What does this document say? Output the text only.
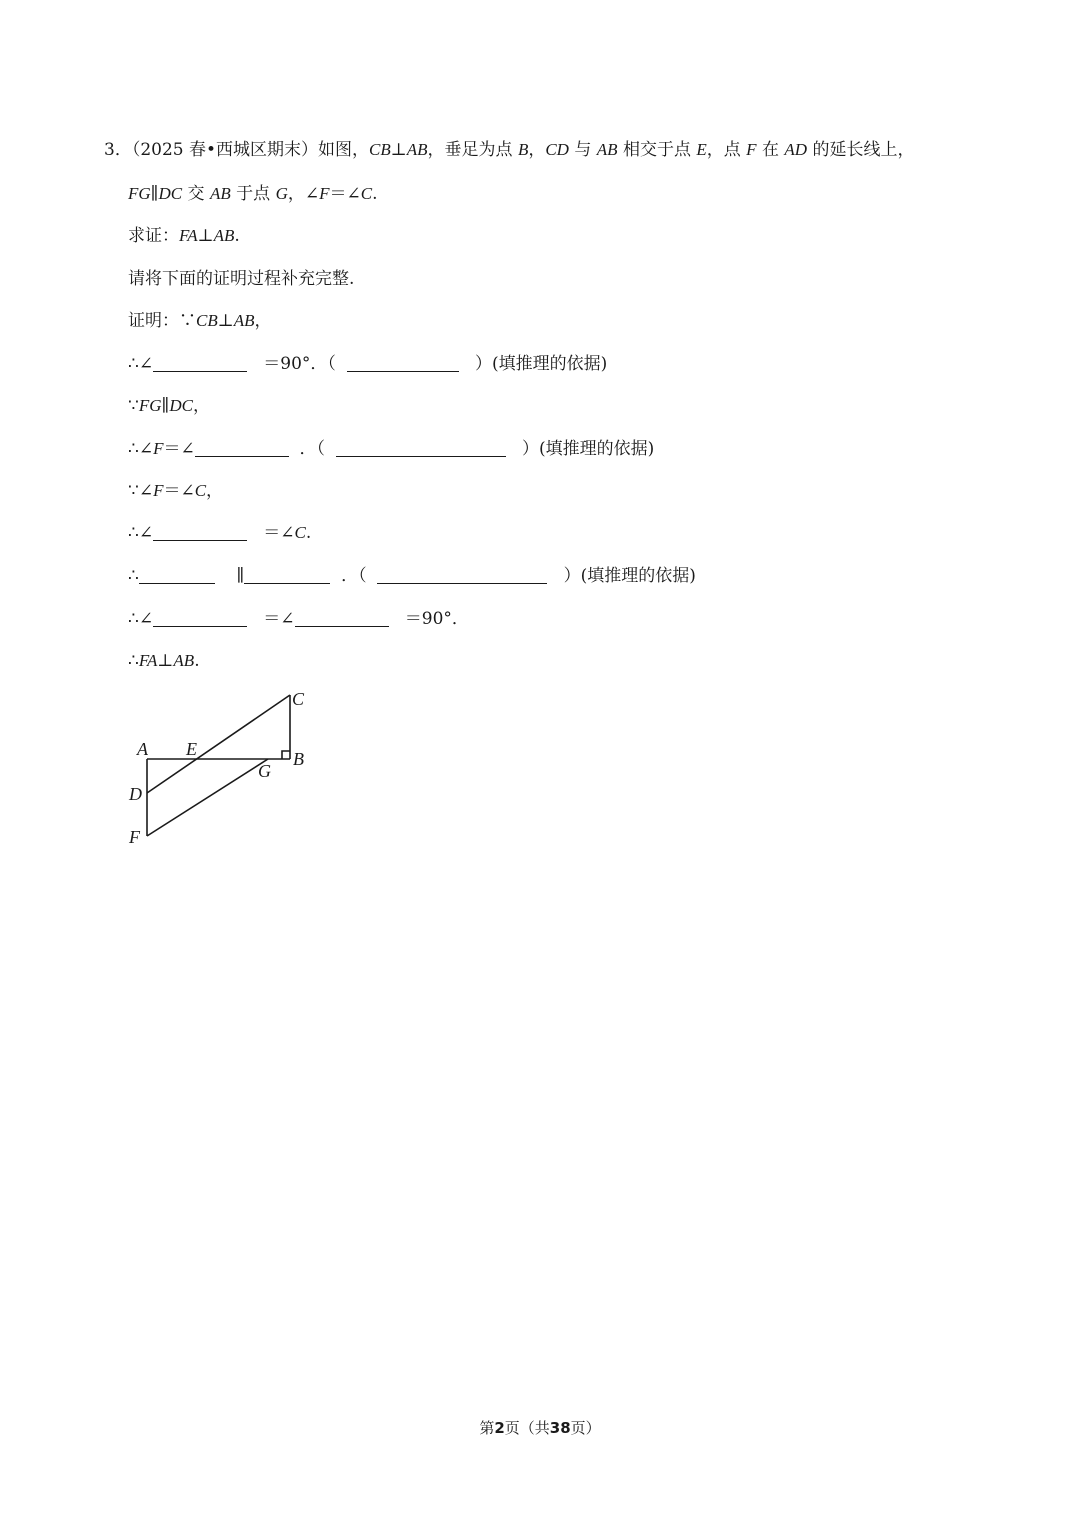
3．（2025 春•西城区期末）如图，CB⊥AB，垂足为点 B，CD 与 AB 相交于点 E，点 F 在 AD 的延长线上，
FG∥DC 交 AB 于点 G，∠F＝∠C.
求证：FA⊥AB.
请将下面的证明过程补充完整.
证明：∵CB⊥AB，
∴∠	＝90°．（	）(填推理的依据)
∵FG∥DC，
∴∠F＝∠	．（	）(填推理的依据)
∵∠F＝∠C，
∴∠	＝∠C.
∴	∥	．（	）(填推理的依据)
∴∠	＝∠	＝90°．
∴FA⊥AB.
C
A E	B
G
D
F
第2页（共38页）
